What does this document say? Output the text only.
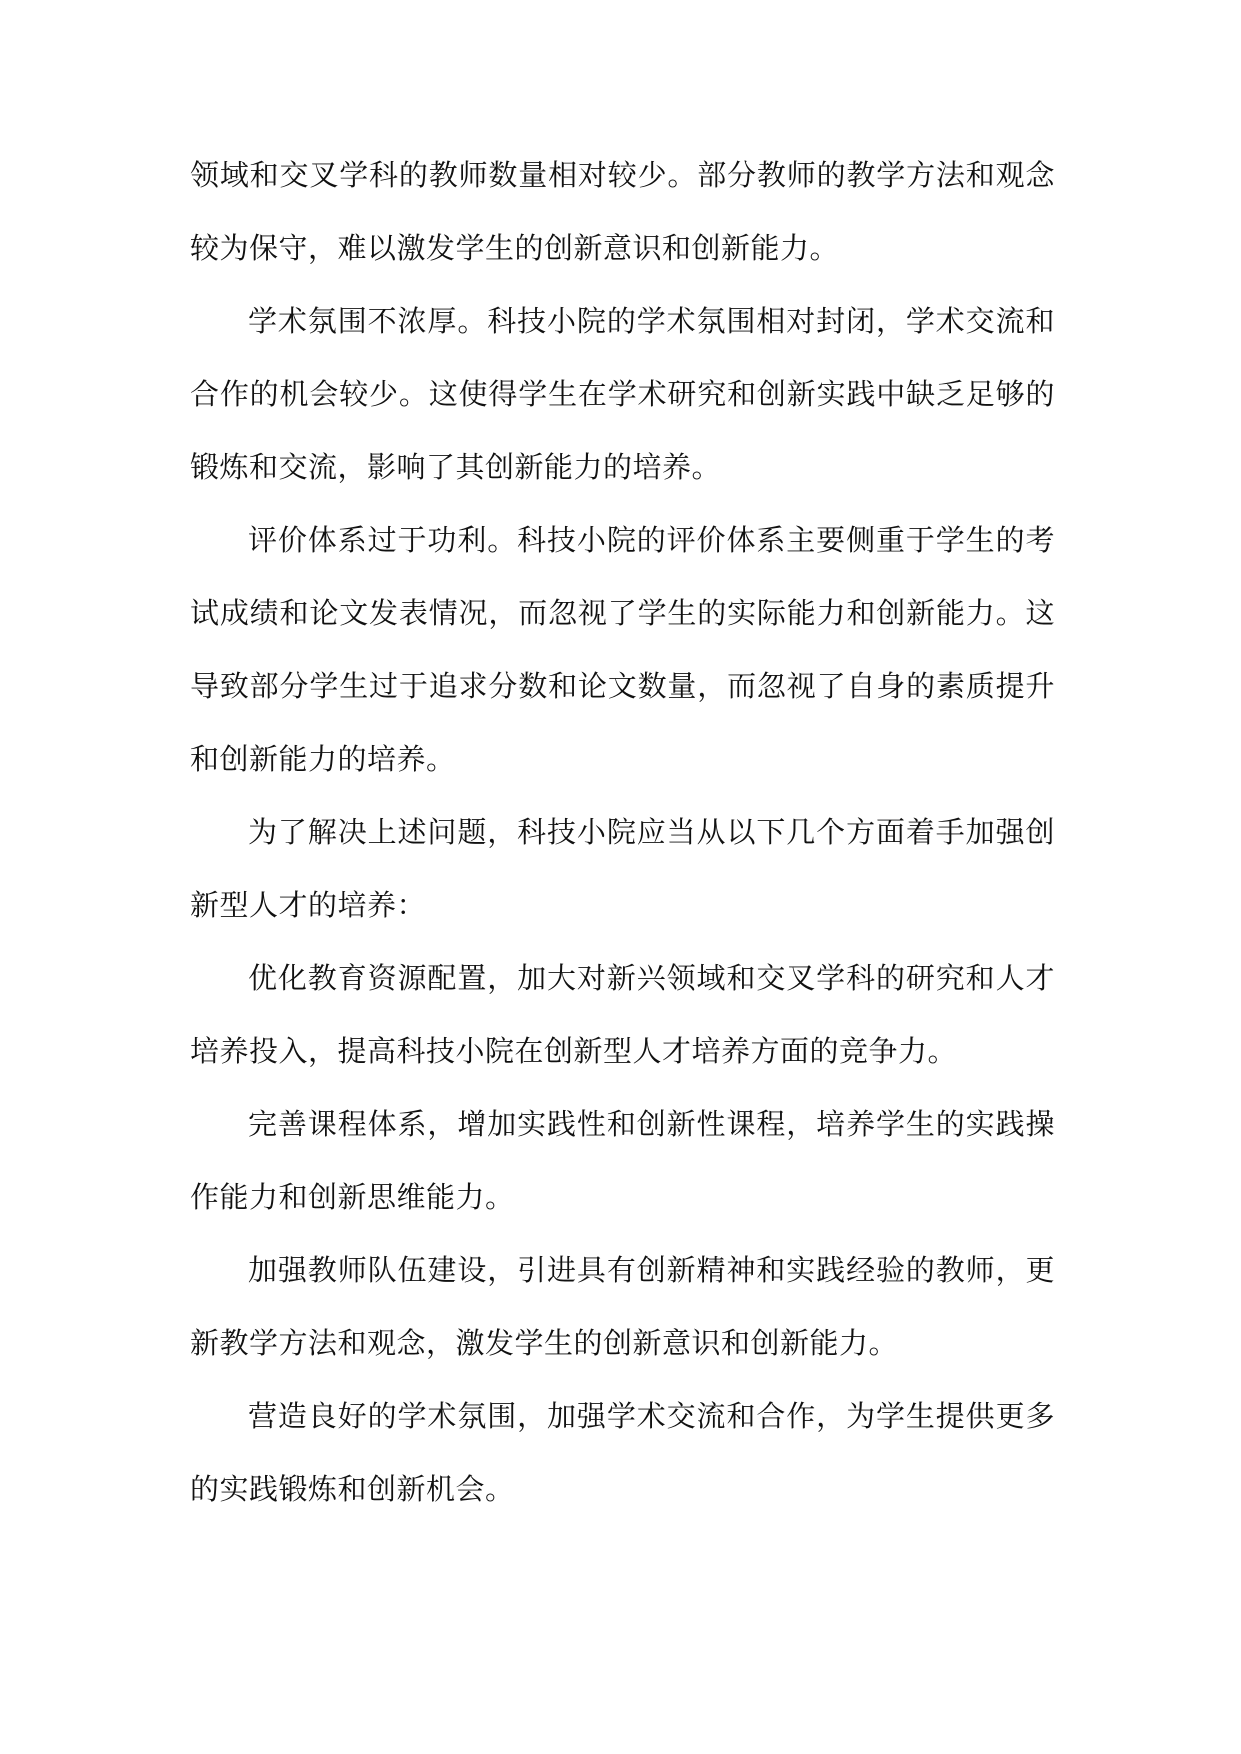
领域和交叉学科的教师数量相对较少。部分教师的教学方法和观念较为保守，难以激发学生的创新意识和创新能力。

学术氛围不浓厚。科技小院的学术氛围相对封闭，学术交流和合作的机会较少。这使得学生在学术研究和创新实践中缺乏足够的锻炼和交流，影响了其创新能力的培养。

评价体系过于功利。科技小院的评价体系主要侧重于学生的考试成绩和论文发表情况，而忽视了学生的实际能力和创新能力。这导致部分学生过于追求分数和论文数量，而忽视了自身的素质提升和创新能力的培养。

为了解决上述问题，科技小院应当从以下几个方面着手加强创新型人才的培养：

优化教育资源配置，加大对新兴领域和交叉学科的研究和人才培养投入，提高科技小院在创新型人才培养方面的竞争力。

完善课程体系，增加实践性和创新性课程，培养学生的实践操作能力和创新思维能力。

加强教师队伍建设，引进具有创新精神和实践经验的教师，更新教学方法和观念，激发学生的创新意识和创新能力。

营造良好的学术氛围，加强学术交流和合作，为学生提供更多的实践锻炼和创新机会。
